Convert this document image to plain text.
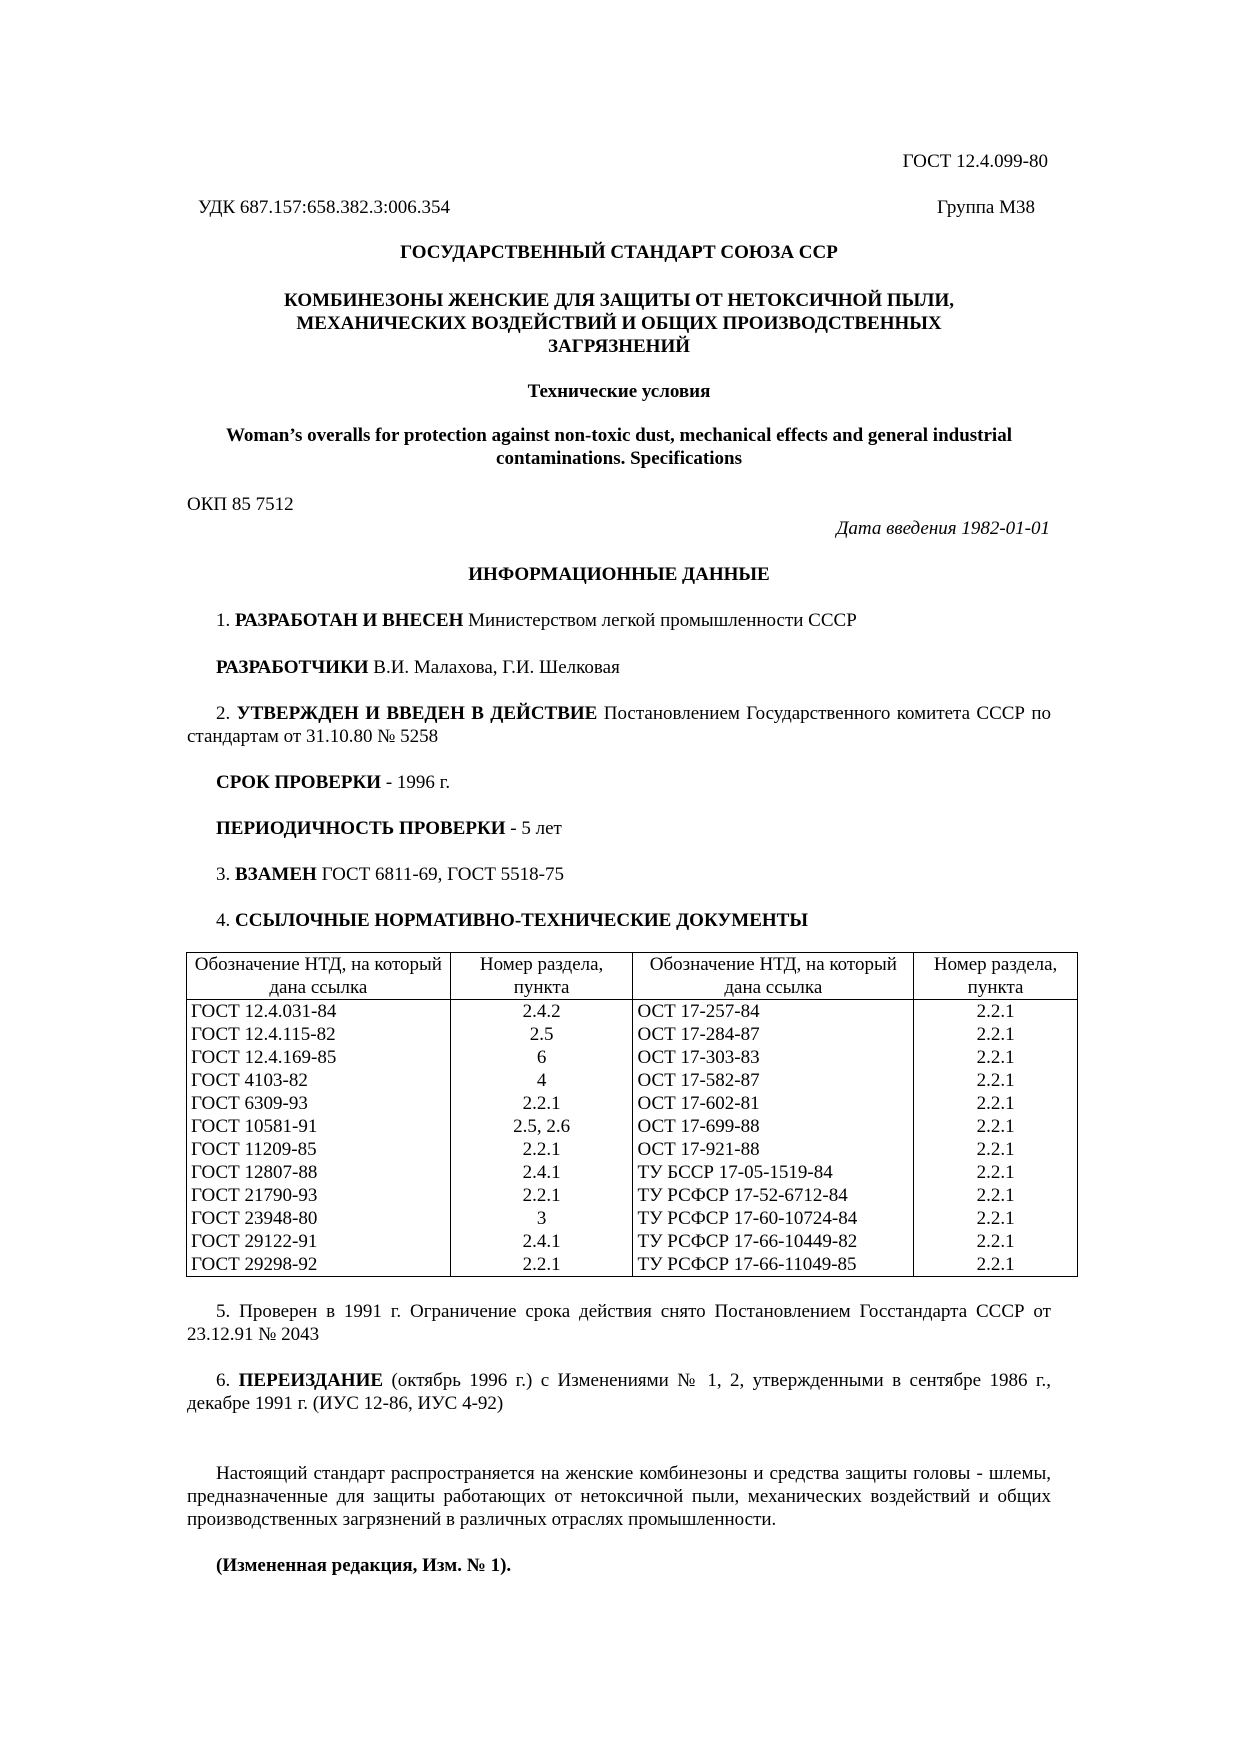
ГОСТ 12.4.099-80
УДК 687.157:658.382.3:006.354	Группа М38
ГОСУДАРСТВЕННЫЙ СТАНДАРТ СОЮЗА ССР
КОМБИНЕЗОНЫ ЖЕНСКИЕ ДЛЯ ЗАЩИТЫ ОТ НЕТОКСИЧНОЙ ПЫЛИ,
МЕХАНИЧЕСКИХ ВОЗДЕЙСТВИЙ И ОБЩИХ ПРОИЗВОДСТВЕННЫХ
ЗАГРЯЗНЕНИЙ
Технические условия
Woman’s overalls for protection against non-toxic dust, mechanical effects and general industrial contaminations. Specifications
ОКП 85 7512
Дата введения 1982-01-01
ИНФОРМАЦИОННЫЕ ДАННЫЕ
1. РАЗРАБОТАН И ВНЕСЕН Министерством легкой промышленности СССР
РАЗРАБОТЧИКИ В.И. Малахова, Г.И. Шелковая
2. УТВЕРЖДЕН И ВВЕДЕН В ДЕЙСТВИЕ Постановлением Государственного комитета СССР по стандартам от 31.10.80 № 5258
СРОК ПРОВЕРКИ - 1996 г.
ПЕРИОДИЧНОСТЬ ПРОВЕРКИ - 5 лет
3. ВЗАМЕН ГОСТ 6811-69, ГОСТ 5518-75
4. ССЫЛОЧНЫЕ НОРМАТИВНО-ТЕХНИЧЕСКИЕ ДОКУМЕНТЫ
Обозначение НТД, на который дана ссылка	Номер раздела, пункта	Обозначение НТД, на который дана ссылка	Номер раздела, пункта
ГОСТ 12.4.031-84	2.4.2	ОСТ 17-257-84	2.2.1
ГОСТ 12.4.115-82	2.5	ОСТ 17-284-87	2.2.1
ГОСТ 12.4.169-85	6	ОСТ 17-303-83	2.2.1
ГОСТ 4103-82	4	ОСТ 17-582-87	2.2.1
ГОСТ 6309-93	2.2.1	ОСТ 17-602-81	2.2.1
ГОСТ 10581-91	2.5, 2.6	ОСТ 17-699-88	2.2.1
ГОСТ 11209-85	2.2.1	ОСТ 17-921-88	2.2.1
ГОСТ 12807-88	2.4.1	ТУ БССР 17-05-1519-84	2.2.1
ГОСТ 21790-93	2.2.1	ТУ РСФСР 17-52-6712-84	2.2.1
ГОСТ 23948-80	3	ТУ РСФСР 17-60-10724-84	2.2.1
ГОСТ 29122-91	2.4.1	ТУ РСФСР 17-66-10449-82	2.2.1
ГОСТ 29298-92	2.2.1	ТУ РСФСР 17-66-11049-85	2.2.1
5. Проверен в 1991 г. Ограничение срока действия снято Постановлением Госстандарта СССР от 23.12.91 № 2043
6. ПЕРЕИЗДАНИЕ (октябрь 1996 г.) с Изменениями № 1, 2, утвержденными в сентябре 1986 г., декабре 1991 г. (ИУС 12-86, ИУС 4-92)
Настоящий стандарт распространяется на женские комбинезоны и средства защиты головы - шлемы, предназначенные для защиты работающих от нетоксичной пыли, механических воздействий и общих производственных загрязнений в различных отраслях промышленности.
(Измененная редакция, Изм. № 1).
